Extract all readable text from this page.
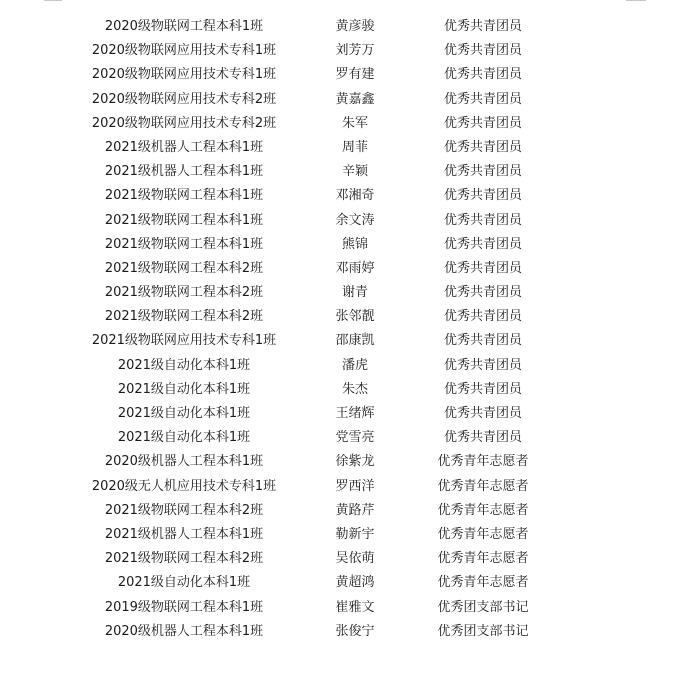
2020级物联网工程本科1班	黄彦骏	优秀共青团员
2020级物联网应用技术专科1班	刘芳万	优秀共青团员
2020级物联网应用技术专科1班	罗有建	优秀共青团员
2020级物联网应用技术专科2班	黄嘉鑫	优秀共青团员
2020级物联网应用技术专科2班	朱军	优秀共青团员
2021级机器人工程本科1班	周菲	优秀共青团员
2021级机器人工程本科1班	辛颖	优秀共青团员
2021级物联网工程本科1班	邓湘奇	优秀共青团员
2021级物联网工程本科1班	余文涛	优秀共青团员
2021级物联网工程本科1班	熊锦	优秀共青团员
2021级物联网工程本科2班	邓雨婷	优秀共青团员
2021级物联网工程本科2班	谢青	优秀共青团员
2021级物联网工程本科2班	张邻靓	优秀共青团员
2021级物联网应用技术专科1班	邵康凯	优秀共青团员
2021级自动化本科1班	潘虎	优秀共青团员
2021级自动化本科1班	朱杰	优秀共青团员
2021级自动化本科1班	王绪辉	优秀共青团员
2021级自动化本科1班	党雪亮	优秀共青团员
2020级机器人工程本科1班	徐紫龙	优秀青年志愿者
2020级无人机应用技术专科1班	罗西洋	优秀青年志愿者
2021级物联网工程本科2班	黄路芹	优秀青年志愿者
2021级机器人工程本科1班	勒新宇	优秀青年志愿者
2021级物联网工程本科2班	吴依萌	优秀青年志愿者
2021级自动化本科1班	黄超鸿	优秀青年志愿者
2019级物联网工程本科1班	崔雅文	优秀团支部书记
2020级机器人工程本科1班	张俊宁	优秀团支部书记
